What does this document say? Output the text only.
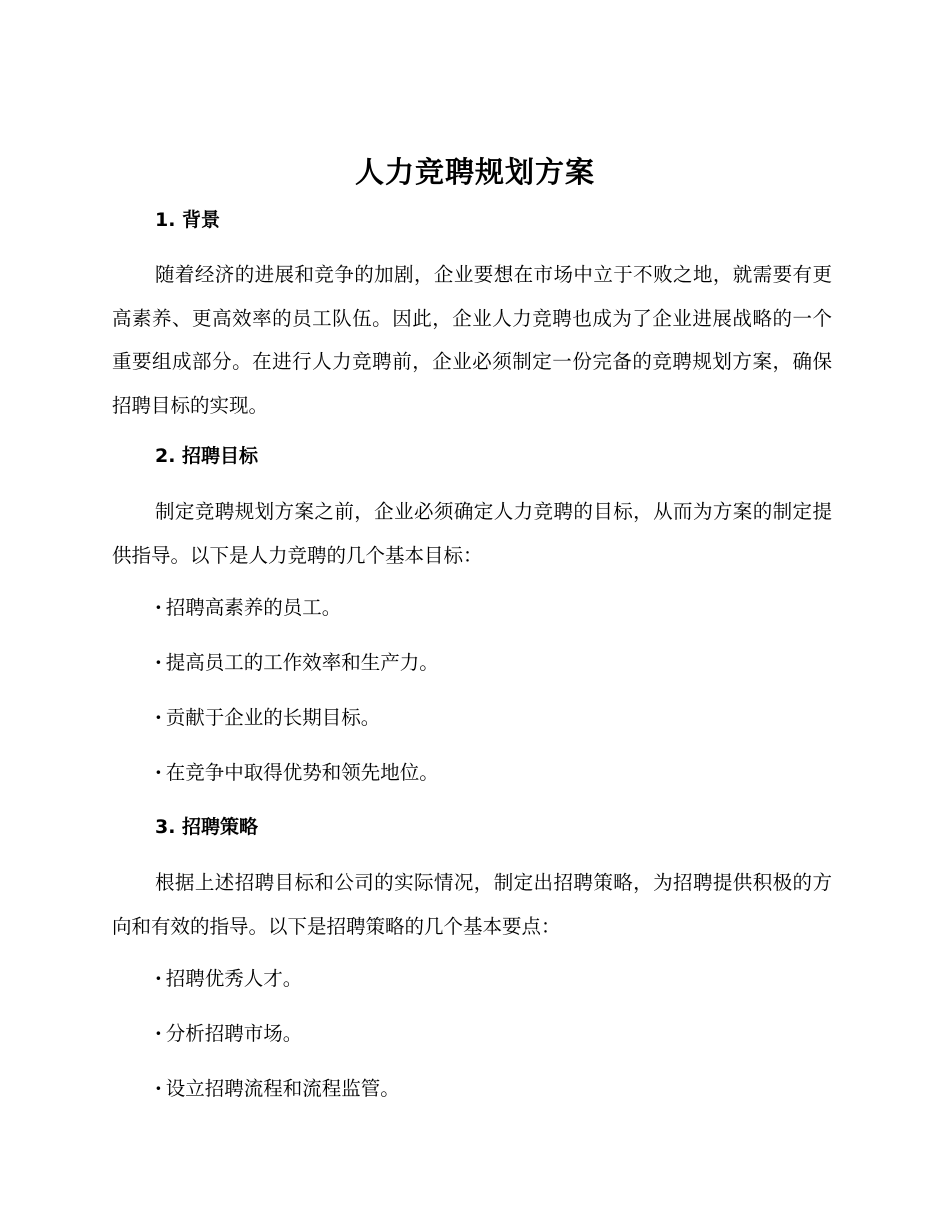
人力竞聘规划方案
1. 背景

随着经济的进展和竞争的加剧，企业要想在市场中立于不败之地，就需要有更高素养、更高效率的员工队伍。因此，企业人力竞聘也成为了企业进展战略的一个重要组成部分。在进行人力竞聘前，企业必须制定一份完备的竞聘规划方案，确保招聘目标的实现。

2. 招聘目标

制定竞聘规划方案之前，企业必须确定人力竞聘的目标，从而为方案的制定提供指导。以下是人力竞聘的几个基本目标：

· 招聘高素养的员工。
· 提高员工的工作效率和生产力。
· 贡献于企业的长期目标。
· 在竞争中取得优势和领先地位。
3. 招聘策略

根据上述招聘目标和公司的实际情况，制定出招聘策略，为招聘提供积极的方向和有效的指导。以下是招聘策略的几个基本要点：

· 招聘优秀人才。
· 分析招聘市场。
· 设立招聘流程和流程监管。
